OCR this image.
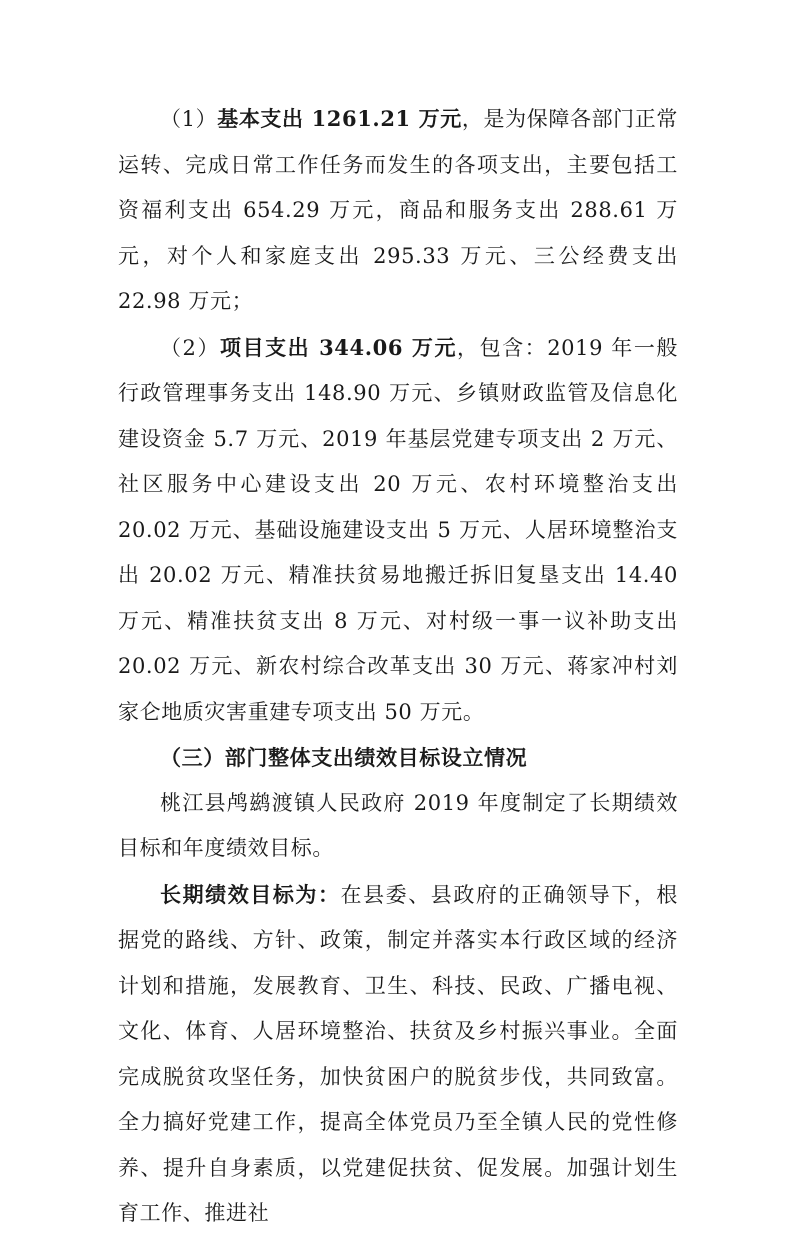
（1）基本支出 1261.21 万元，是为保障各部门正常运转、完成日常工作任务而发生的各项支出，主要包括工资福利支出 654.29 万元，商品和服务支出 288.61 万元，对个人和家庭支出 295.33 万元、三公经费支出 22.98 万元；

（2）项目支出 344.06 万元，包含：2019 年一般行政管理事务支出 148.90 万元、乡镇财政监管及信息化建设资金 5.7 万元、2019 年基层党建专项支出 2 万元、社区服务中心建设支出 20 万元、农村环境整治支出 20.02 万元、基础设施建设支出 5 万元、人居环境整治支出 20.02 万元、精准扶贫易地搬迁拆旧复垦支出 14.40 万元、精准扶贫支出 8 万元、对村级一事一议补助支出 20.02 万元、新农村综合改革支出 30 万元、蒋家冲村刘家仑地质灾害重建专项支出 50 万元。

（三）部门整体支出绩效目标设立情况

桃江县鸬鹚渡镇人民政府 2019 年度制定了长期绩效目标和年度绩效目标。

长期绩效目标为：在县委、县政府的正确领导下，根据党的路线、方针、政策，制定并落实本行政区域的经济计划和措施，发展教育、卫生、科技、民政、广播电视、文化、体育、人居环境整治、扶贫及乡村振兴事业。全面完成脱贫攻坚任务，加快贫困户的脱贫步伐，共同致富。全力搞好党建工作，提高全体党员乃至全镇人民的党性修养、提升自身素质，以党建促扶贫、促发展。加强计划生育工作、推进社
